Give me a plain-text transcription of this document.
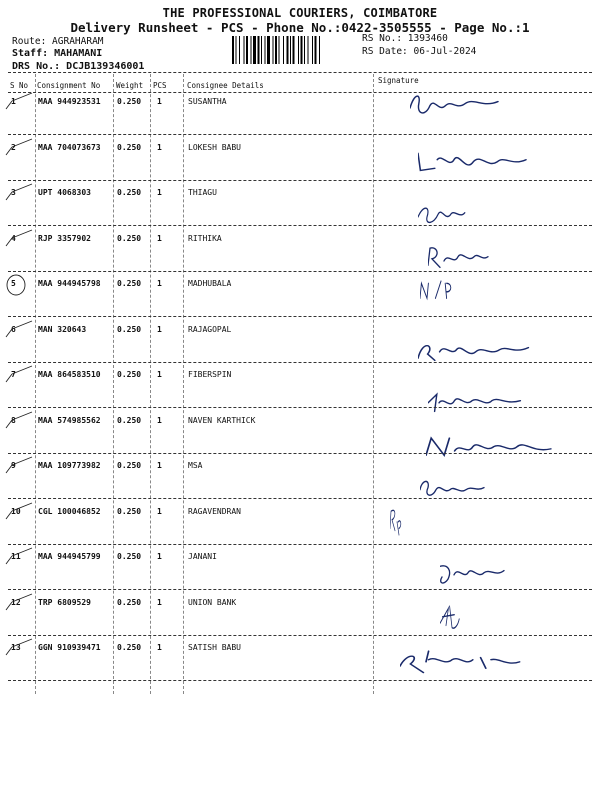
THE PROFESSIONAL COURIERS, COIMBATORE
Delivery Runsheet - PCS - Phone No.:0422-3505555 - Page No.:1
Route: AGRAHARAM
Staff: MAHAMANI
DRS No.: DCJB139346001
RS No.: 1393460
RS Date: 06-Jul-2024
S No Consignment No Weight PCS	Consignee Details
Signature
1	MAA 944923531 0.250 1	SUSANTHA
2	MAA 704073673 0.250 1	LOKESH BABU
3	UPT 4068303	0.250 1	THIAGU
4	RJP 3357902	0.250 1	RITHIKA
5	MAA 944945798 0.250 1	MADHUBALA
6	MAN 320643	0.250 1	RAJAGOPAL
7	MAA 864583510 0.250 1	FIBERSPIN
8	MAA 574985562 0.250 1	NAVEN KARTHICK
9	MAA 109773982 0.250 1	MSA
10 CGL 100046852 0.250 1	RAGAVENDRAN
11 MAA 944945799 0.250 1	JANANI
12 TRP 6809529	0.250 1	UNION BANK
13 GGN 910939471 0.250 1	SATISH BABU
